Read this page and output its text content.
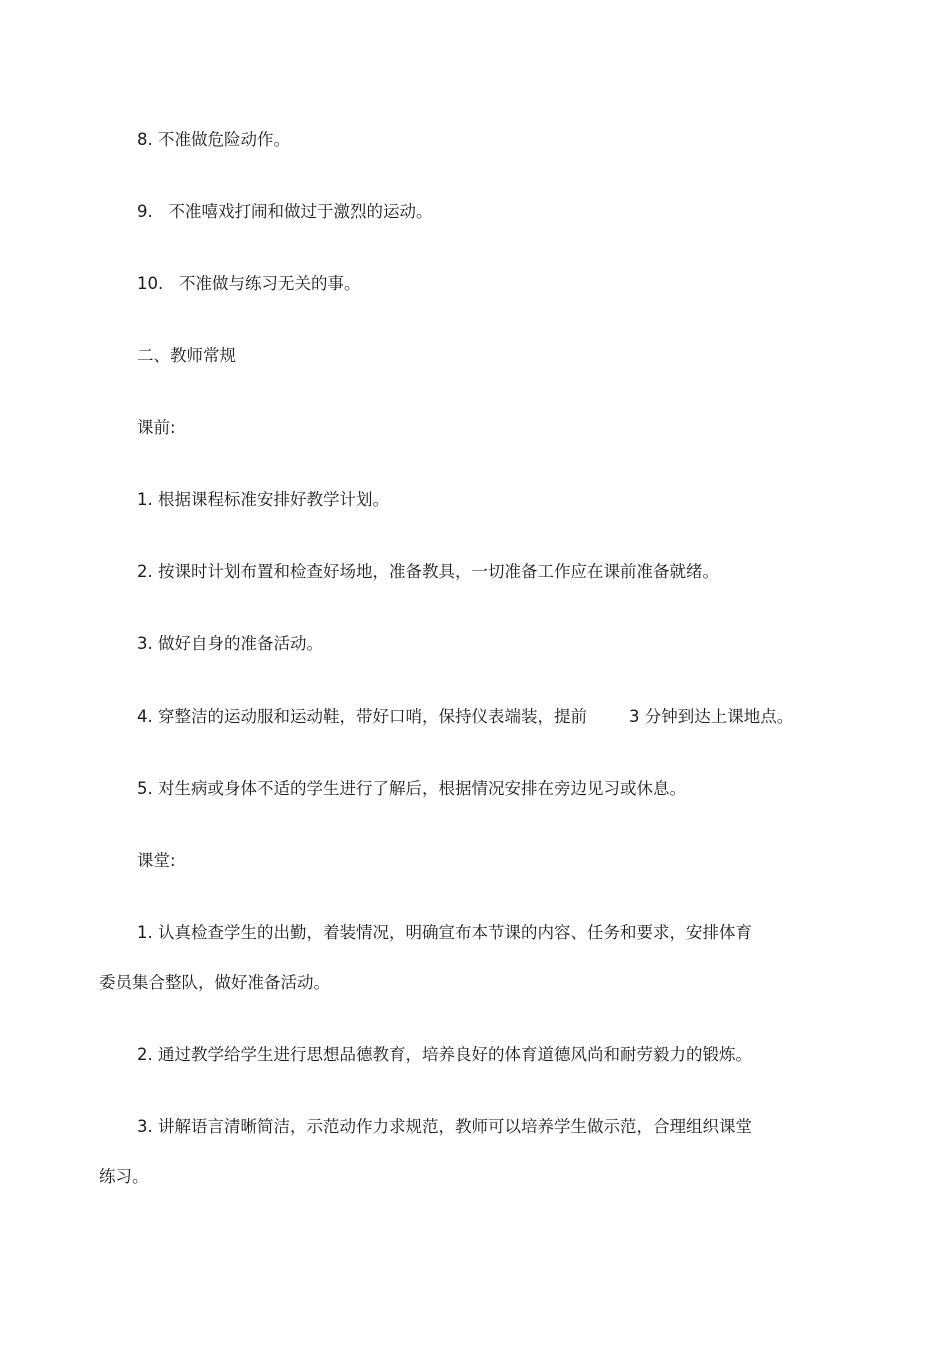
8. 不准做危险动作。
9.   不准嘻戏打闹和做过于激烈的运动。
10.   不准做与练习无关的事。
二、教师常规
课前:
1. 根据课程标准安排好教学计划。
2. 按课时计划布置和检查好场地，准备教具，一切准备工作应在课前准备就绪。
3. 做好自身的准备活动。
4. 穿整洁的运动服和运动鞋，带好口哨，保持仪表端装，提前        3 分钟到达上课地点。
5. 对生病或身体不适的学生进行了解后，根据情况安排在旁边见习或休息。
课堂:
1. 认真检查学生的出勤，着装情况，明确宣布本节课的内容、任务和要求，安排体育
委员集合整队，做好准备活动。
2. 通过教学给学生进行思想品德教育，培养良好的体育道德风尚和耐劳毅力的锻炼。
3. 讲解语言清晰简洁，示范动作力求规范，教师可以培养学生做示范，合理组织课堂
练习。
